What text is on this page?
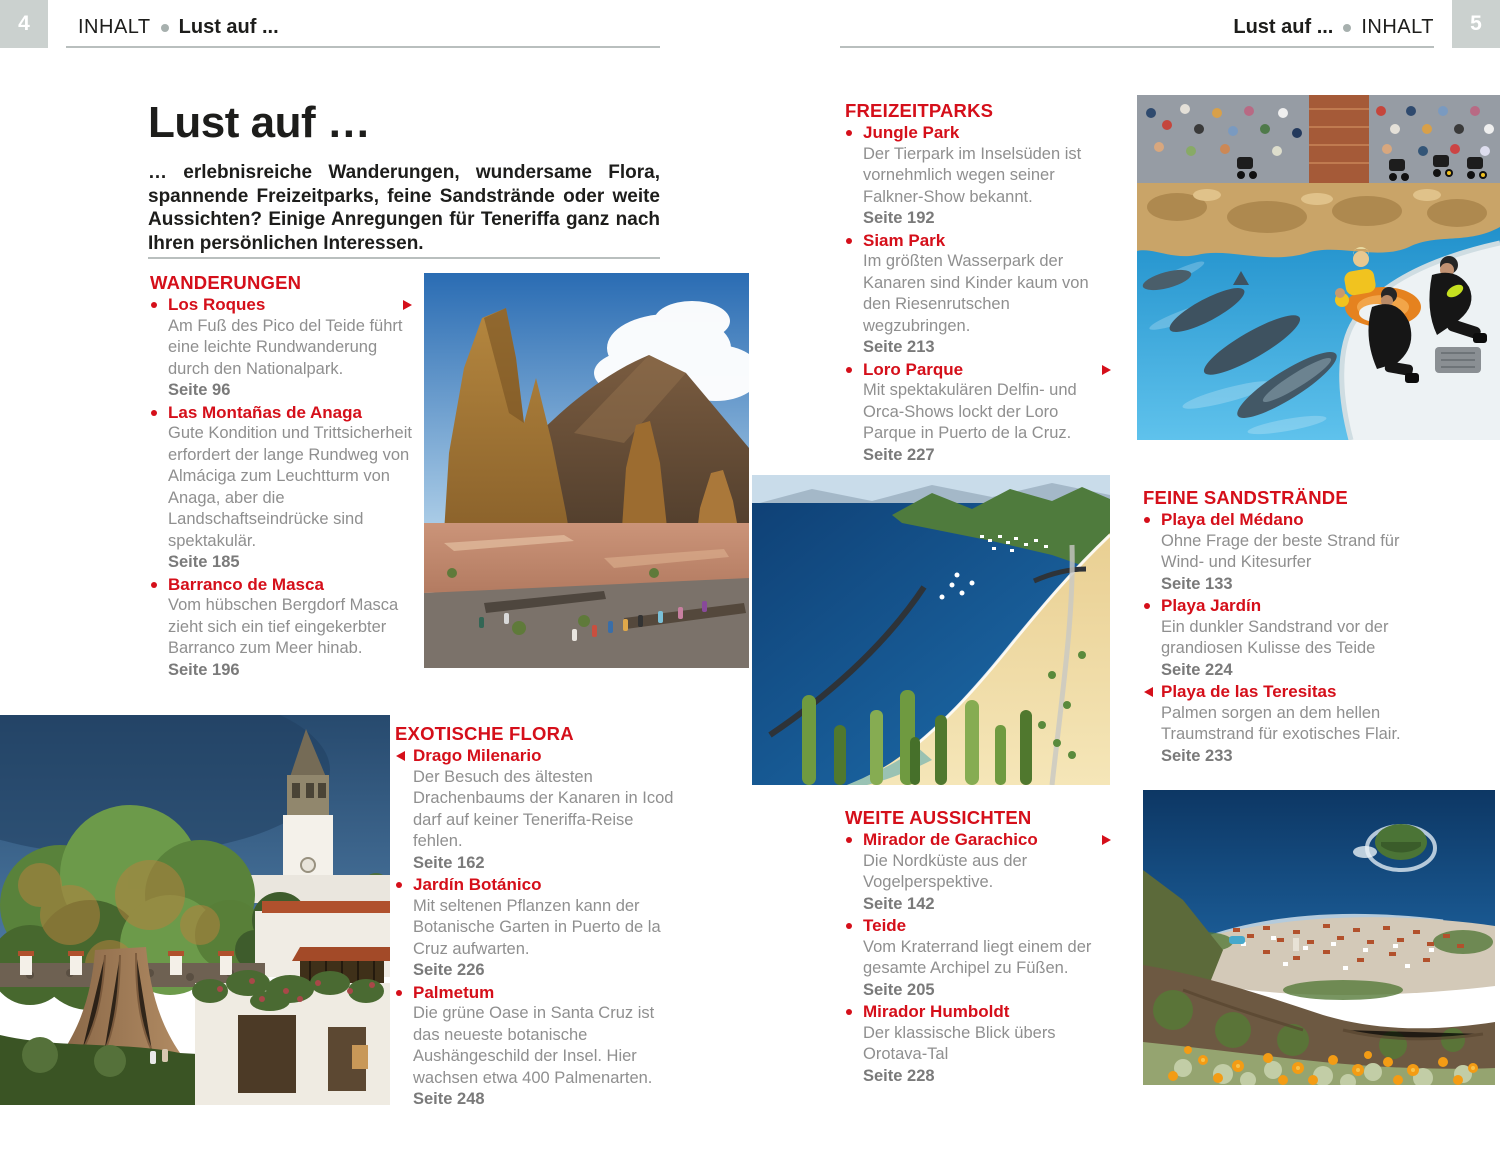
4 INHALT Lust auf ...	Lust auf ... INHALT 5
Lust auf …

… erlebnisreiche Wanderungen, wundersame Flora, spannende Freizeitparks, feine Sandstrände oder weite Aussichten? Einige Anregungen für Teneriffa ganz nach Ihren persönlichen Interessen.

WANDERUNGEN
Los Roques
Am Fuß des Pico del Teide führt eine leichte Rundwanderung durch den Nationalpark.
Seite 96
Las Montañas de Anaga
Gute Kondition und Trittsicherheit erfordert der lange Rundweg von Almáciga zum Leuchtturm von Anaga, aber die Landschaftseindrücke sind spektakulär.
Seite 185
Barranco de Masca
Vom hübschen Bergdorf Masca zieht sich ein tief eingekerbter Barranco zum Meer hinab.
Seite 196
EXOTISCHE FLORA
Drago Milenario
Der Besuch des ältesten Drachenbaums der Kanaren in Icod darf auf keiner Teneriffa-Reise fehlen.
Seite 162
Jardín Botánico
Mit seltenen Pflanzen kann der Botanische Garten in Puerto de la Cruz aufwarten.
Seite 226
Palmetum
Die grüne Oase in Santa Cruz ist das neueste botanische Aushängeschild der Insel. Hier wachsen etwa 400 Palmenarten.
Seite 248
FREIZEITPARKS
Jungle Park
Der Tierpark im Inselsüden ist vornehmlich wegen seiner Falkner-Show bekannt.
Seite 192
Siam Park
Im größten Wasserpark der Kanaren sind Kinder kaum von den Riesenrutschen wegzubringen.
Seite 213
Loro Parque
Mit spektakulären Delfin- und Orca-Shows lockt der Loro Parque in Puerto de la Cruz.
Seite 227
FEINE SANDSTRÄNDE
Playa del Médano
Ohne Frage der beste Strand für Wind- und Kitesurfer
Seite 133
Playa Jardín
Ein dunkler Sandstrand vor der grandiosen Kulisse des Teide
Seite 224
Playa de las Teresitas
Palmen sorgen an dem hellen Traumstrand für exotisches Flair.
Seite 233
WEITE AUSSICHTEN
Mirador de Garachico
Die Nordküste aus der Vogelperspektive.
Seite 142
Teide
Vom Kraterrand liegt einem der gesamte Archipel zu Füßen.
Seite 205
Mirador Humboldt
Der klassische Blick übers Orotava-Tal
Seite 228
